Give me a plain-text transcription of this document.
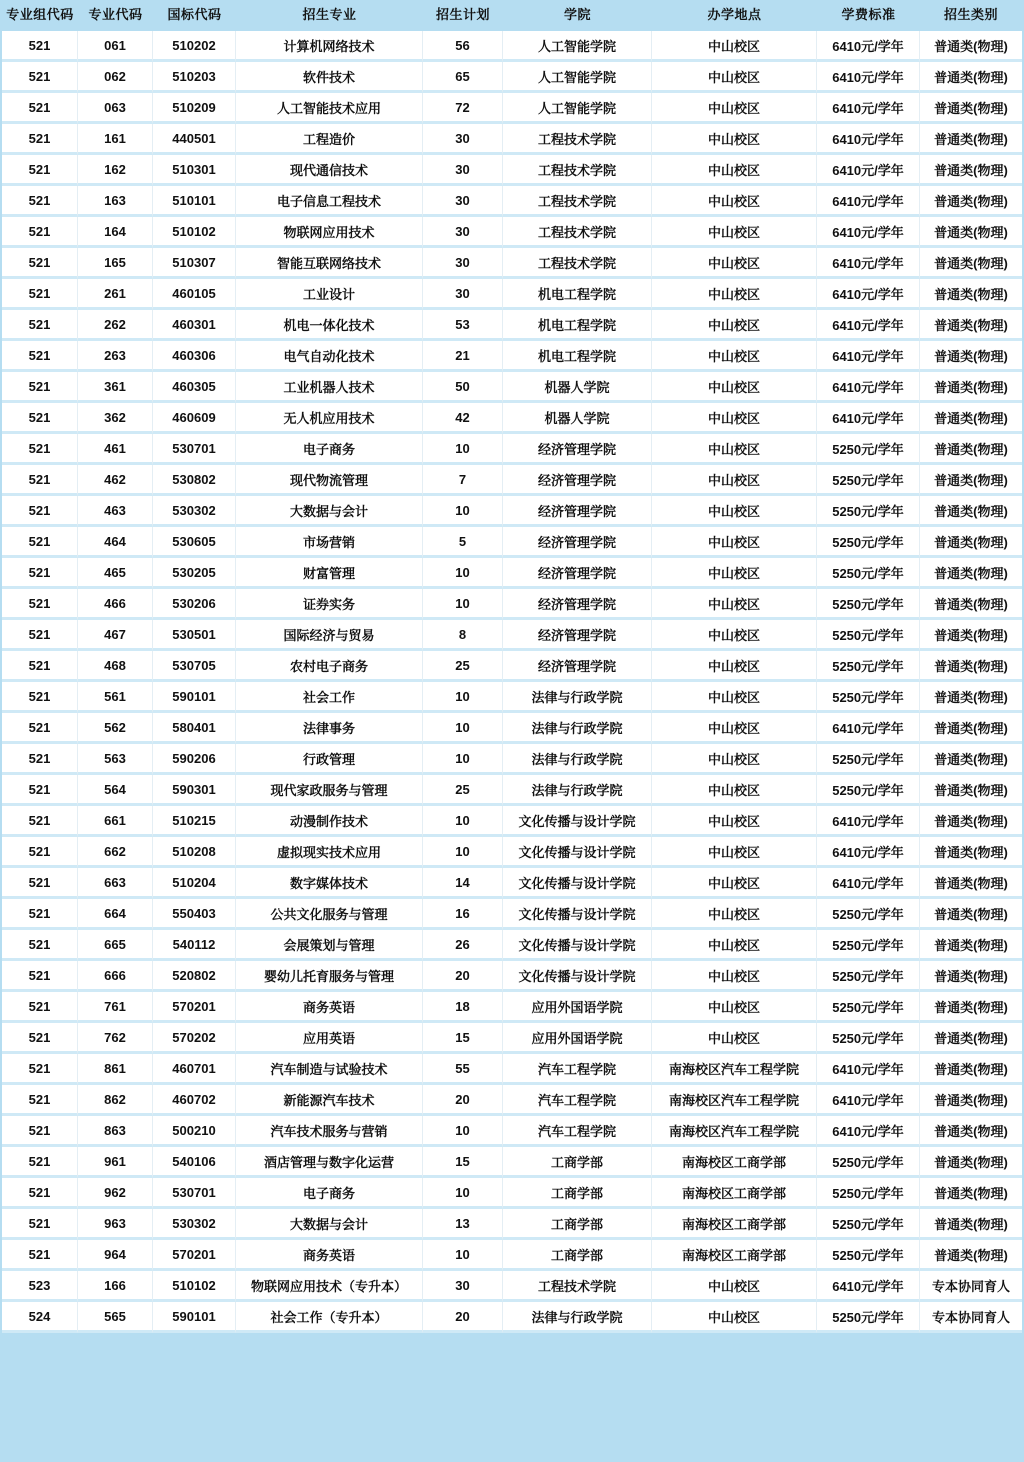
专业组代码	专业代码	国标代码	招生专业	招生计划	学院	办学地点	学费标准	招生类别
521	061	510202	计算机网络技术	56	人工智能学院	中山校区	6410元/学年	普通类(物理)
521	062	510203	软件技术	65	人工智能学院	中山校区	6410元/学年	普通类(物理)
521	063	510209	人工智能技术应用	72	人工智能学院	中山校区	6410元/学年	普通类(物理)
521	161	440501	工程造价	30	工程技术学院	中山校区	6410元/学年	普通类(物理)
521	162	510301	现代通信技术	30	工程技术学院	中山校区	6410元/学年	普通类(物理)
521	163	510101	电子信息工程技术	30	工程技术学院	中山校区	6410元/学年	普通类(物理)
521	164	510102	物联网应用技术	30	工程技术学院	中山校区	6410元/学年	普通类(物理)
521	165	510307	智能互联网络技术	30	工程技术学院	中山校区	6410元/学年	普通类(物理)
521	261	460105	工业设计	30	机电工程学院	中山校区	6410元/学年	普通类(物理)
521	262	460301	机电一体化技术	53	机电工程学院	中山校区	6410元/学年	普通类(物理)
521	263	460306	电气自动化技术	21	机电工程学院	中山校区	6410元/学年	普通类(物理)
521	361	460305	工业机器人技术	50	机器人学院	中山校区	6410元/学年	普通类(物理)
521	362	460609	无人机应用技术	42	机器人学院	中山校区	6410元/学年	普通类(物理)
521	461	530701	电子商务	10	经济管理学院	中山校区	5250元/学年	普通类(物理)
521	462	530802	现代物流管理	7	经济管理学院	中山校区	5250元/学年	普通类(物理)
521	463	530302	大数据与会计	10	经济管理学院	中山校区	5250元/学年	普通类(物理)
521	464	530605	市场营销	5	经济管理学院	中山校区	5250元/学年	普通类(物理)
521	465	530205	财富管理	10	经济管理学院	中山校区	5250元/学年	普通类(物理)
521	466	530206	证券实务	10	经济管理学院	中山校区	5250元/学年	普通类(物理)
521	467	530501	国际经济与贸易	8	经济管理学院	中山校区	5250元/学年	普通类(物理)
521	468	530705	农村电子商务	25	经济管理学院	中山校区	5250元/学年	普通类(物理)
521	561	590101	社会工作	10	法律与行政学院	中山校区	5250元/学年	普通类(物理)
521	562	580401	法律事务	10	法律与行政学院	中山校区	6410元/学年	普通类(物理)
521	563	590206	行政管理	10	法律与行政学院	中山校区	5250元/学年	普通类(物理)
521	564	590301	现代家政服务与管理	25	法律与行政学院	中山校区	5250元/学年	普通类(物理)
521	661	510215	动漫制作技术	10	文化传播与设计学院	中山校区	6410元/学年	普通类(物理)
521	662	510208	虚拟现实技术应用	10	文化传播与设计学院	中山校区	6410元/学年	普通类(物理)
521	663	510204	数字媒体技术	14	文化传播与设计学院	中山校区	6410元/学年	普通类(物理)
521	664	550403	公共文化服务与管理	16	文化传播与设计学院	中山校区	5250元/学年	普通类(物理)
521	665	540112	会展策划与管理	26	文化传播与设计学院	中山校区	5250元/学年	普通类(物理)
521	666	520802	婴幼儿托育服务与管理	20	文化传播与设计学院	中山校区	5250元/学年	普通类(物理)
521	761	570201	商务英语	18	应用外国语学院	中山校区	5250元/学年	普通类(物理)
521	762	570202	应用英语	15	应用外国语学院	中山校区	5250元/学年	普通类(物理)
521	861	460701	汽车制造与试验技术	55	汽车工程学院	南海校区汽车工程学院	6410元/学年	普通类(物理)
521	862	460702	新能源汽车技术	20	汽车工程学院	南海校区汽车工程学院	6410元/学年	普通类(物理)
521	863	500210	汽车技术服务与营销	10	汽车工程学院	南海校区汽车工程学院	6410元/学年	普通类(物理)
521	961	540106	酒店管理与数字化运营	15	工商学部	南海校区工商学部	5250元/学年	普通类(物理)
521	962	530701	电子商务	10	工商学部	南海校区工商学部	5250元/学年	普通类(物理)
521	963	530302	大数据与会计	13	工商学部	南海校区工商学部	5250元/学年	普通类(物理)
521	964	570201	商务英语	10	工商学部	南海校区工商学部	5250元/学年	普通类(物理)
523	166	510102	物联网应用技术（专升本）	30	工程技术学院	中山校区	6410元/学年	专本协同育人
524	565	590101	社会工作（专升本）	20	法律与行政学院	中山校区	5250元/学年	专本协同育人
